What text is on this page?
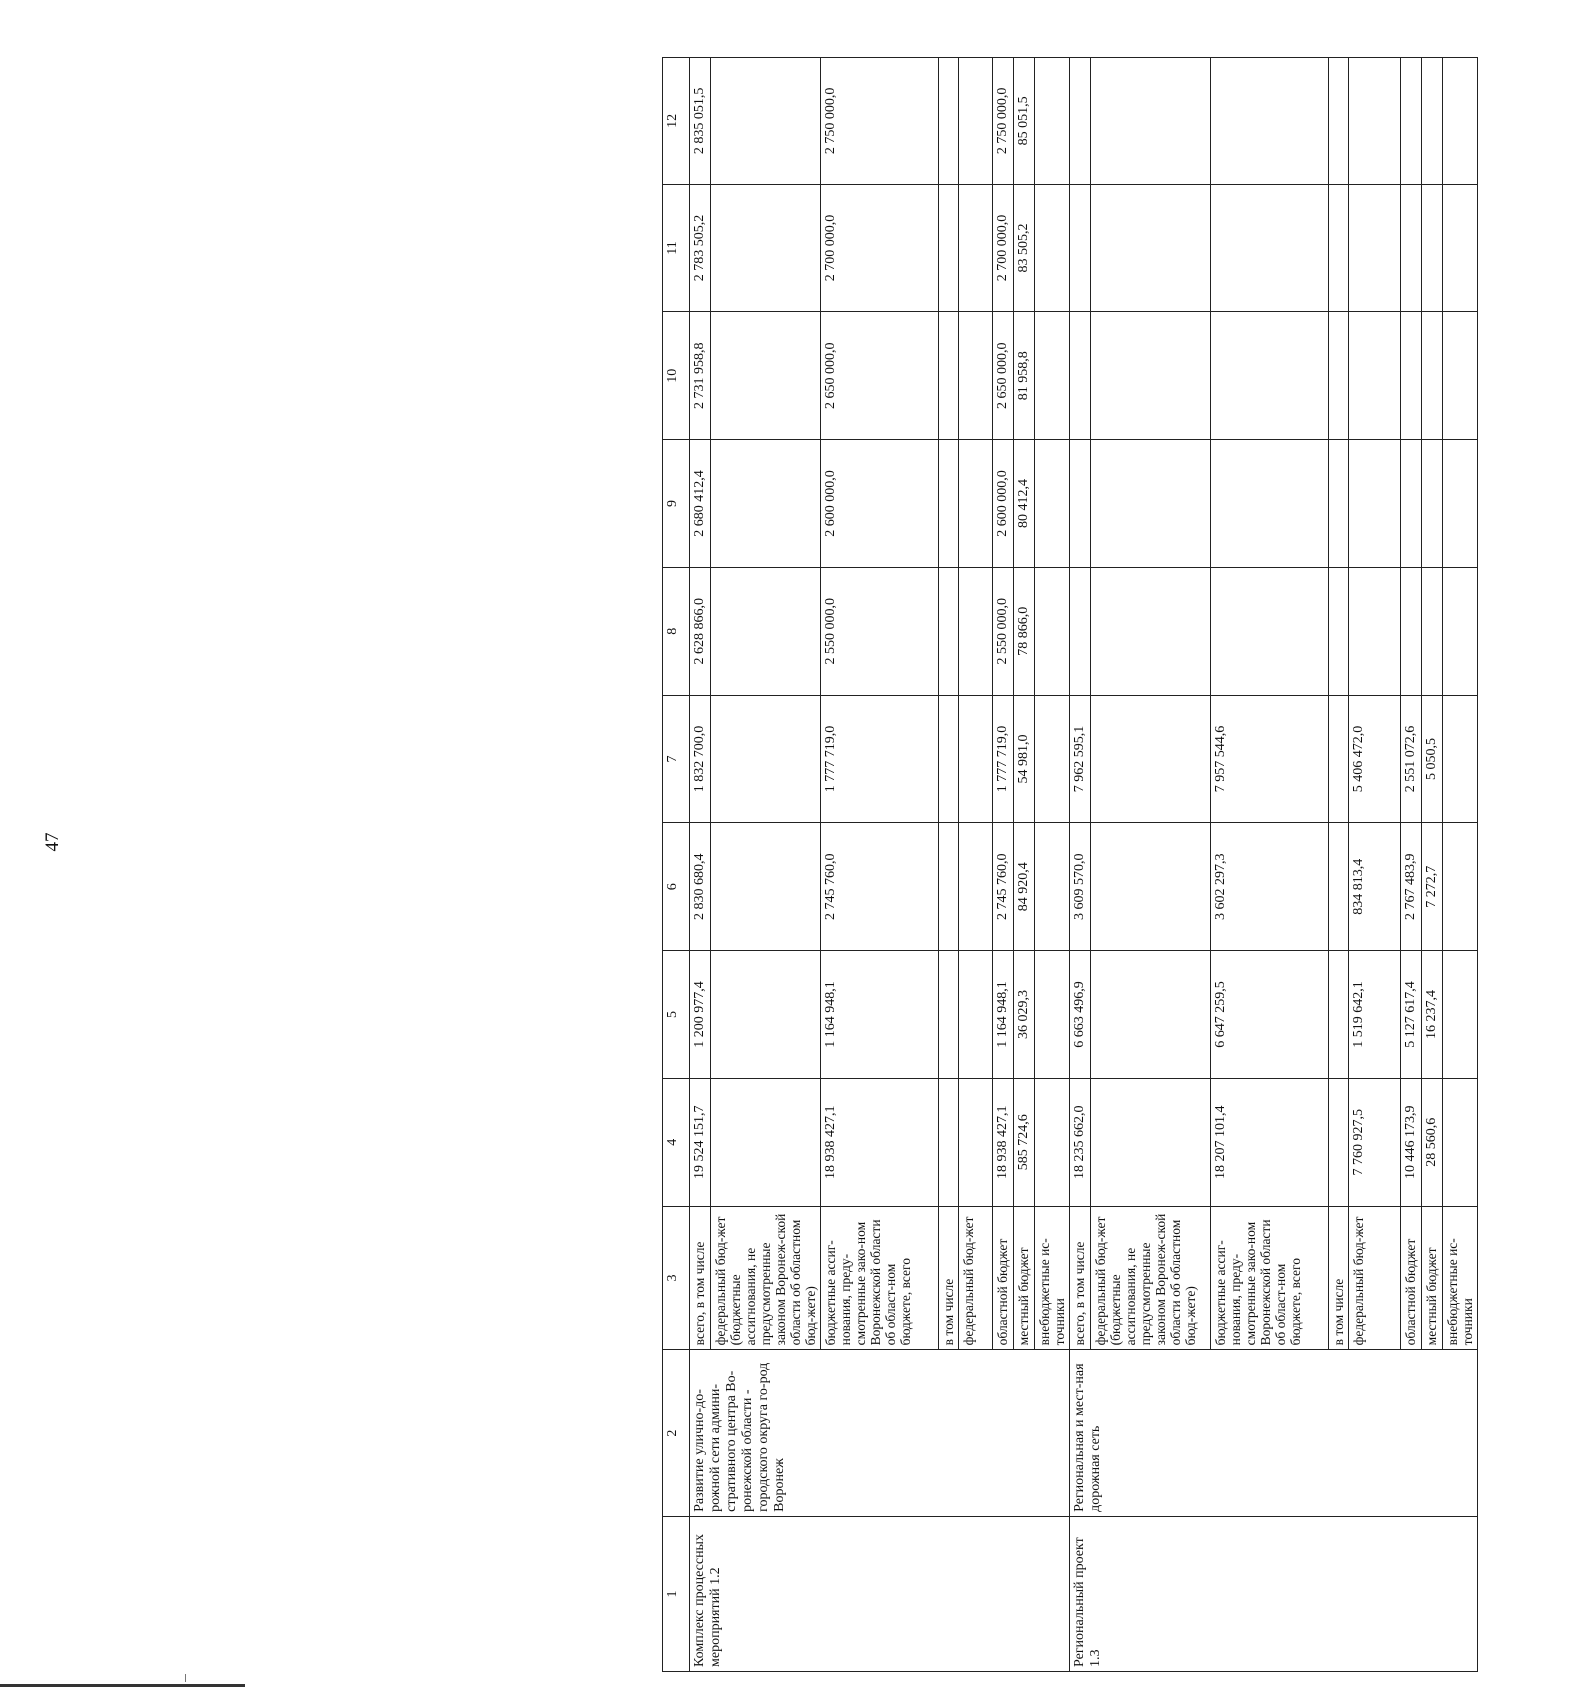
47
1	2	3	4	5	6	7	8	9	10	11	12
Комплекс процессных мероприятий 1.2	Развитие улично-до-рожной сети админи-стративного центра Во-ронежской области - городского округа го-род Воронеж	всего, в том числе	19 524 151,7	1 200 977,4	2 830 680,4	1 832 700,0	2 628 866,0	2 680 412,4	2 731 958,8	2 783 505,2	2 835 051,5
		федеральный бюд-жет (бюджетные ассигнования, не предусмотренные законом Воронеж-ской области об областном бюд-жете)									
		бюджетные ассиг-нования, преду-смотренные зако-ном Воронежской области об област-ном бюджете, всего	18 938 427,1	1 164 948,1	2 745 760,0	1 777 719,0	2 550 000,0	2 600 000,0	2 650 000,0	2 700 000,0	2 750 000,0
		в том числе									
		федеральный бюд-жет									
		областной бюджет	18 938 427,1	1 164 948,1	2 745 760,0	1 777 719,0	2 550 000,0	2 600 000,0	2 650 000,0	2 700 000,0	2 750 000,0
		местный бюджет	585 724,6	36 029,3	84 920,4	54 981,0	78 866,0	80 412,4	81 958,8	83 505,2	85 051,5
		внебюджетные ис-точники									
Региональный проект 1.3	Региональная и мест-ная дорожная сеть	всего, в том числе	18 235 662,0	6 663 496,9	3 609 570,0	7 962 595,1					
		федеральный бюд-жет (бюджетные ассигнования, не предусмотренные законом Воронеж-ской области об областном бюд-жете)									
		бюджетные ассиг-нования, преду-смотренные зако-ном Воронежской области об област-ном бюджете, всего	18 207 101,4	6 647 259,5	3 602 297,3	7 957 544,6					
		в том числе									
		федеральный бюд-жет	7 760 927,5	1 519 642,1	834 813,4	5 406 472,0					
		областной бюджет	10 446 173,9	5 127 617,4	2 767 483,9	2 551 072,6					
		местный бюджет	28 560,6	16 237,4	7 272,7	5 050,5					
		внебюджетные ис-точники									
